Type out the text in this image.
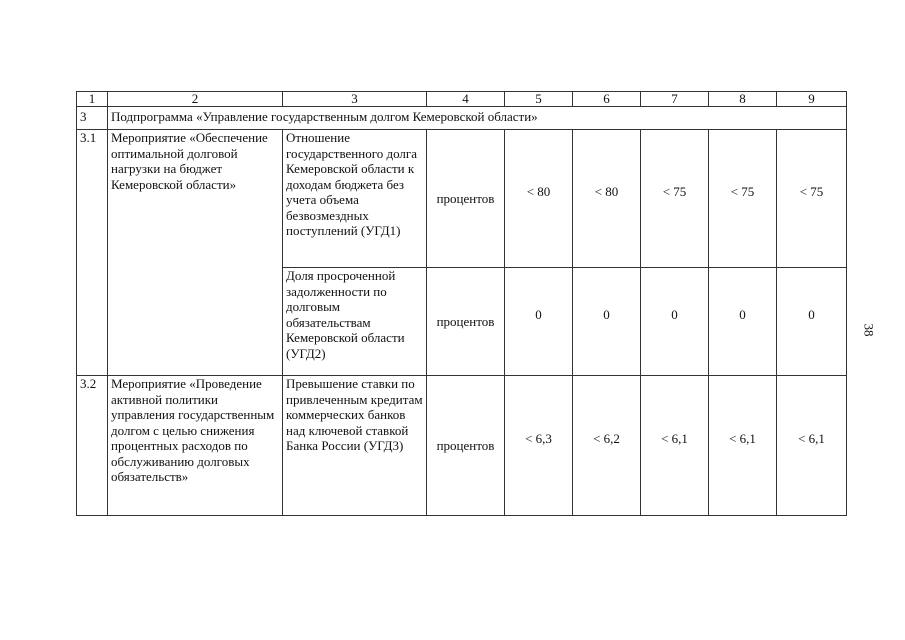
1	2	3	4	5	6	7	8	9
3	Подпрограмма «Управление государственным долгом Кемеровской области»							
3.1	Мероприятие «Обеспечение оптимальной долговой нагрузки на бюджет Кемеровской области»	Отношение государственного долга Кемеровской области к доходам бюджета без учета объема безвозмездных поступлений (УГД1)	процентов	< 80	< 80	< 75	< 75	< 75
		Доля просроченной задолженности по долговым обязательствам Кемеровской области (УГД2)	процентов	0	0	0	0	0
3.2	Мероприятие «Проведение активной политики управления государственным долгом с целью снижения процентных расходов по обслуживанию долговых обязательств»	Превышение ставки по привлеченным кредитам коммерческих банков над ключевой ставкой Банка России (УГД3)	процентов	< 6,3	< 6,2	< 6,1	< 6,1	< 6,1
38
